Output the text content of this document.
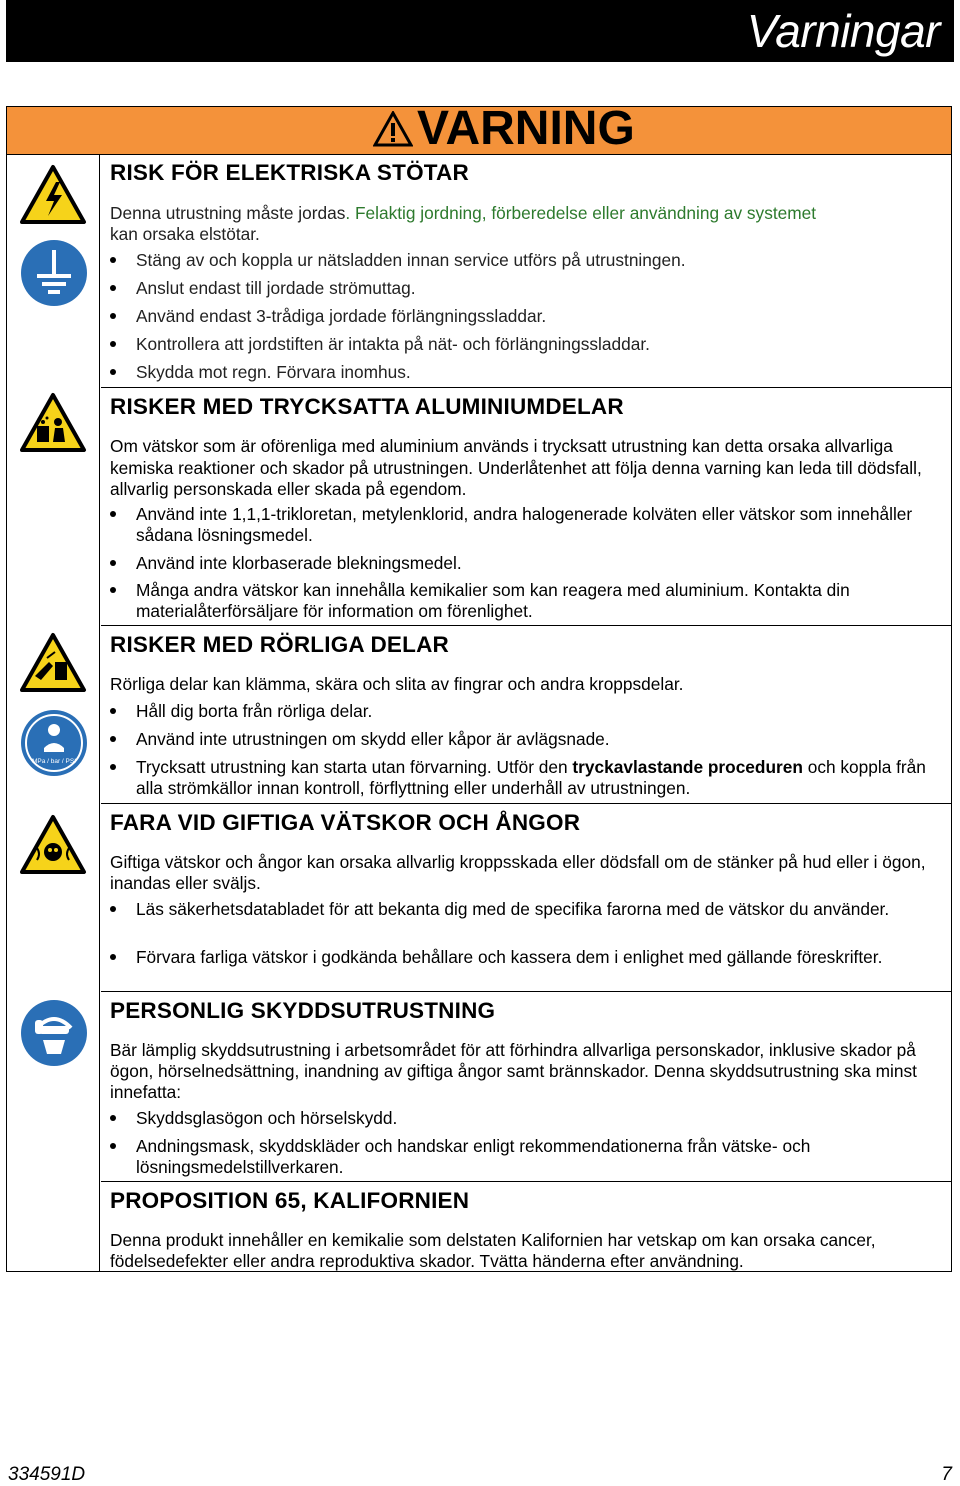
Varningar
VARNING
MPa / bar / PSI
RISK FÖR ELEKTRISKA STÖTAR
Denna utrustning måste jordas. Felaktig jordning, förberedelse eller användning av systemet
kan orsaka elstötar.
Stäng av och koppla ur nätsladden innan service utförs på utrustningen.
Anslut endast till jordade strömuttag.
Använd endast 3-trådiga jordade förlängningssladdar.
Kontrollera att jordstiften är intakta på nät- och förlängningssladdar.
Skydda mot regn. Förvara inomhus.
RISKER MED TRYCKSATTA ALUMINIUMDELAR
Om vätskor som är oförenliga med aluminium används i trycksatt utrustning kan detta orsaka allvarliga kemiska reaktioner och skador på utrustningen. Underlåtenhet att följa denna varning kan leda till dödsfall, allvarlig personskada eller skada på egendom.
Använd inte 1,1,1-trikloretan, metylenklorid, andra halogenerade kolväten eller vätskor som innehåller sådana lösningsmedel.
Använd inte klorbaserade blekningsmedel.
Många andra vätskor kan innehålla kemikalier som kan reagera med aluminium. Kontakta din materialåterförsäljare för information om förenlighet.
RISKER MED RÖRLIGA DELAR
Rörliga delar kan klämma, skära och slita av fingrar och andra kroppsdelar.
Håll dig borta från rörliga delar.
Använd inte utrustningen om skydd eller kåpor är avlägsnade.
Trycksatt utrustning kan starta utan förvarning. Utför den tryckavlastande proceduren och koppla från alla strömkällor innan kontroll, förflyttning eller underhåll av utrustningen.
FARA VID GIFTIGA VÄTSKOR OCH ÅNGOR
Giftiga vätskor och ångor kan orsaka allvarlig kroppsskada eller dödsfall om de stänker på hud eller i ögon, inandas eller sväljs.
Läs säkerhetsdatabladet för att bekanta dig med de specifika farorna med de vätskor du använder.
Förvara farliga vätskor i godkända behållare och kassera dem i enlighet med gällande föreskrifter.
PERSONLIG SKYDDSUTRUSTNING
Bär lämplig skyddsutrustning i arbetsområdet för att förhindra allvarliga personskador, inklusive skador på ögon, hörselnedsättning, inandning av giftiga ångor samt brännskador. Denna skyddsutrustning ska minst innefatta:
Skyddsglasögon och hörselskydd.
Andningsmask, skyddskläder och handskar enligt rekommendationerna från vätske- och lösningsmedelstillverkaren.
PROPOSITION 65, KALIFORNIEN
Denna produkt innehåller en kemikalie som delstaten Kalifornien har vetskap om kan orsaka cancer, födelsedefekter eller andra reproduktiva skador. Tvätta händerna efter användning.
334591D	7
